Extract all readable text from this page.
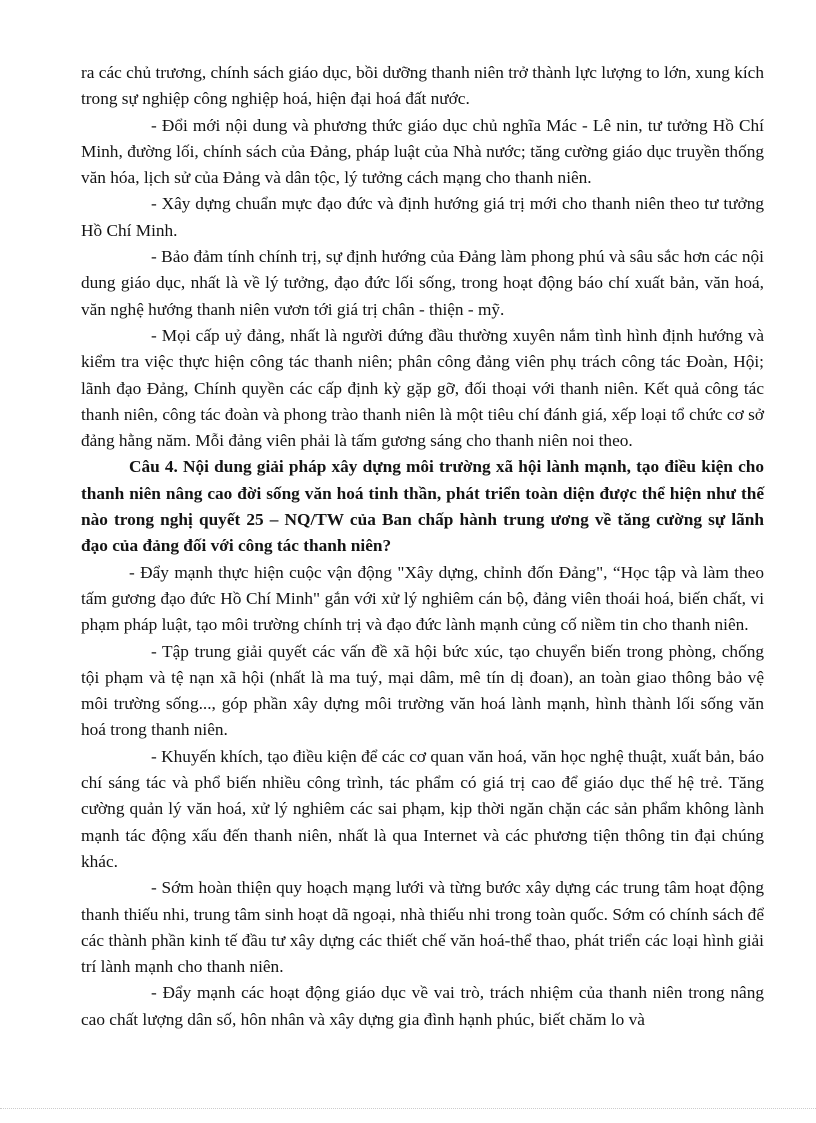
ra các chủ trương, chính sách giáo dục, bồi dưỡng thanh niên trở thành lực lượng to lớn, xung kích trong sự nghiệp công nghiệp hoá, hiện đại hoá đất nước.

- Đổi mới nội dung và phương thức giáo dục chủ nghĩa Mác - Lê nin, tư tưởng Hồ Chí Minh, đường lối, chính sách của Đảng, pháp luật của Nhà nước; tăng cường giáo dục truyền thống văn hóa, lịch sử của Đảng và dân tộc, lý tưởng cách mạng cho thanh niên.

- Xây dựng chuẩn mực đạo đức và định hướng giá trị mới cho thanh niên theo tư tưởng Hồ Chí Minh.

- Bảo đảm tính chính trị, sự định hướng của Đảng làm phong phú và sâu sắc hơn các nội dung giáo dục, nhất là về lý tưởng, đạo đức lối sống, trong hoạt động báo chí xuất bản, văn hoá, văn nghệ hướng thanh niên vươn tới giá trị chân - thiện - mỹ.

- Mọi cấp uỷ đảng, nhất là người đứng đầu thường xuyên nắm tình hình định hướng và kiểm tra việc thực hiện công tác thanh niên; phân công đảng viên phụ trách công tác Đoàn, Hội; lãnh đạo Đảng, Chính quyền các cấp định kỳ gặp gỡ, đối thoại với thanh niên. Kết quả công tác thanh niên, công tác đoàn và phong trào thanh niên là một tiêu chí đánh giá, xếp loại tổ chức cơ sở đảng hằng năm. Mỗi đảng viên phải là tấm gương sáng cho thanh niên noi theo.

Câu 4. Nội dung giải pháp xây dựng môi trường xã hội lành mạnh, tạo điều kiện cho thanh niên nâng cao đời sống văn hoá tinh thần, phát triển toàn diện được thể hiện như thế nào trong nghị quyết 25 – NQ/TW của Ban chấp hành trung ương về tăng cường sự lãnh đạo của đảng đối với công tác thanh niên?

- Đẩy mạnh thực hiện cuộc vận động "Xây dựng, chỉnh đốn Đảng", “Học tập và làm theo tấm gương đạo đức Hồ Chí Minh" gắn với xử lý nghiêm cán bộ, đảng viên thoái hoá, biến chất, vi phạm pháp luật, tạo môi trường chính trị và đạo đức lành mạnh củng cố niềm tin cho thanh niên.

- Tập trung giải quyết các vấn đề xã hội bức xúc, tạo chuyển biến trong phòng, chống tội phạm và tệ nạn xã hội (nhất là ma tuý, mại dâm, mê tín dị đoan), an toàn giao thông bảo vệ môi trường sống..., góp phần xây dựng môi trường văn hoá lành mạnh, hình thành lối sống văn hoá trong thanh niên.

- Khuyến khích, tạo điều kiện để các cơ quan văn hoá, văn học nghệ thuật, xuất bản, báo chí sáng tác và phổ biến nhiều công trình, tác phẩm có giá trị cao để giáo dục thế hệ trẻ. Tăng cường quản lý văn hoá, xử lý nghiêm các sai phạm, kịp thời ngăn chặn các sản phẩm không lành mạnh tác động xấu đến thanh niên, nhất là qua Internet và các phương tiện thông tin đại chúng khác.

- Sớm hoàn thiện quy hoạch mạng lưới và từng bước xây dựng các trung tâm hoạt động thanh thiếu nhi, trung tâm sinh hoạt dã ngoại, nhà thiếu nhi trong toàn quốc. Sớm có chính sách để các thành phần kinh tế đầu tư xây dựng các thiết chế văn hoá-thể thao, phát triển các loại hình giải trí lành mạnh cho thanh niên.

- Đẩy mạnh các hoạt động giáo dục về vai trò, trách nhiệm của thanh niên trong nâng cao chất lượng dân số, hôn nhân và xây dựng gia đình hạnh phúc, biết chăm lo và
